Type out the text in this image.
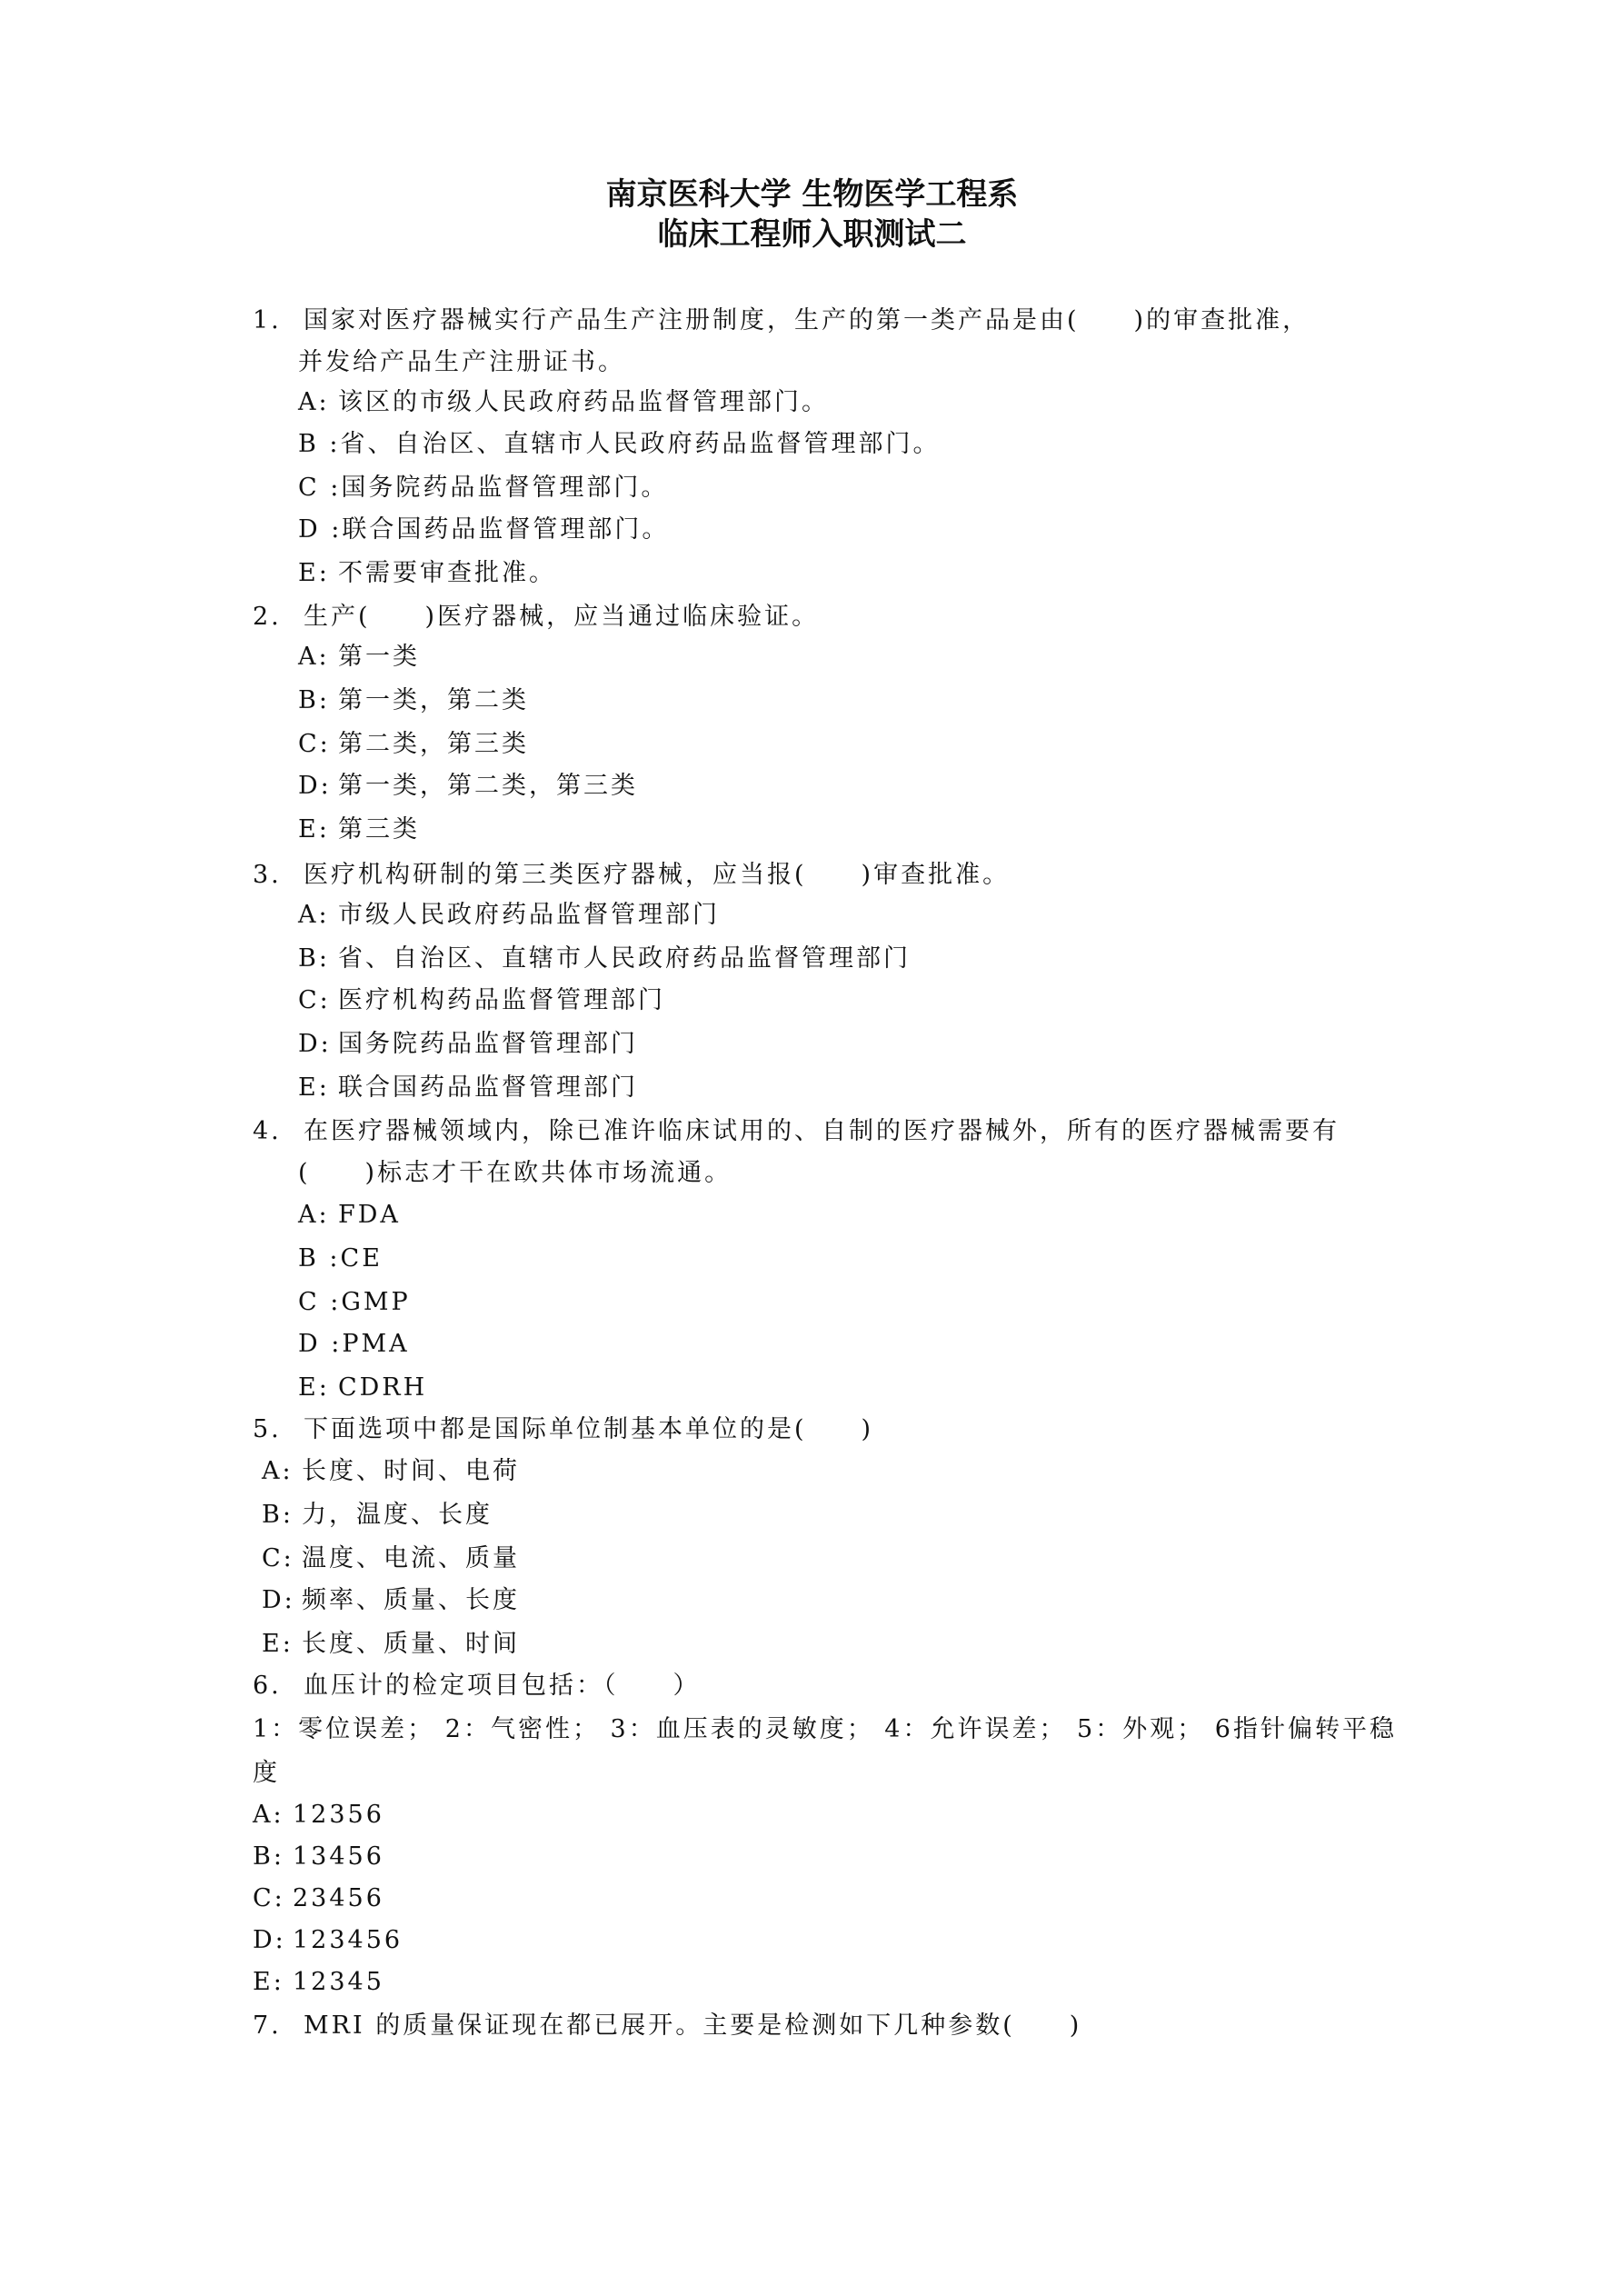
南京医科大学 生物医学工程系
临床工程师入职测试二
1. 国家对医疗器械实行产品生产注册制度，生产的第一类产品是由(　　)的审查批准，
并发给产品生产注册证书。
A: 该区的市级人民政府药品监督管理部门。
B :省、自治区、直辖市人民政府药品监督管理部门。
C :国务院药品监督管理部门。
D :联合国药品监督管理部门。
E: 不需要审查批准。
2. 生产(　　)医疗器械，应当通过临床验证。
A: 第一类
B: 第一类，第二类
C: 第二类，第三类
D: 第一类，第二类，第三类
E: 第三类
3. 医疗机构研制的第三类医疗器械，应当报(　　)审查批准。
A: 市级人民政府药品监督管理部门
B: 省、自治区、直辖市人民政府药品监督管理部门
C: 医疗机构药品监督管理部门
D: 国务院药品监督管理部门
E: 联合国药品监督管理部门
4. 在医疗器械领域内，除已准许临床试用的、自制的医疗器械外，所有的医疗器械需要有
(　　)标志才干在欧共体市场流通。
A: FDA
B :CE
C :GMP
D :PMA
E: CDRH
5. 下面选项中都是国际单位制基本单位的是(　　)
A: 长度、时间、电荷
B: 力，温度、长度
C: 温度、电流、质量
D: 频率、质量、长度
E: 长度、质量、时间
6. 血压计的检定项目包括：（　　）
1：零位误差； 2：气密性； 3：血压表的灵敏度； 4：允许误差； 5：外观； 6指针偏转平稳
度
A: 12356
B: 13456
C: 23456
D: 123456
E: 12345
7. MRI 的质量保证现在都已展开。主要是检测如下几种参数(　　)
